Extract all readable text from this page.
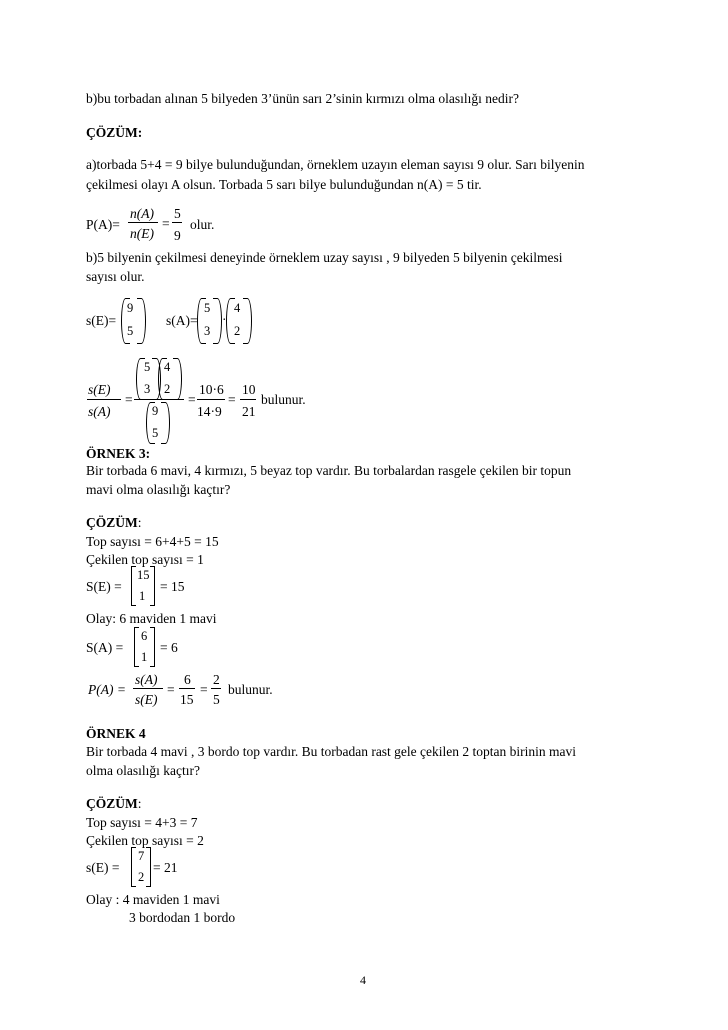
b)bu torbadan alınan 5 bilyeden 3’ünün sarı 2’sinin kırmızı olma olasılığı nedir?
ÇÖZÜM:
a)torbada 5+4 = 9 bilye bulunduğundan, örneklem uzayın eleman sayısı 9 olur. Sarı bilyenin
çekilmesi olayı A olsun. Torbada 5 sarı bilye bulunduğundan n(A) = 5 tir.
P(A)=
n(A)
n(E)
=
5
9
olur.
b)5 bilyenin çekilmesi deneyinde örneklem uzay sayısı , 9 bilyeden 5 bilyenin çekilmesi
sayısı olur.
s(E)=
9
5
s(A)=
5
3
·
4
2
s(E)
s(A)
=
5
3
4
2
9
5
=
10·6
14·9
=
10
21
bulunur.
ÖRNEK 3:
Bir torbada 6 mavi, 4 kırmızı, 5 beyaz top vardır. Bu torbalardan rasgele çekilen bir topun
mavi olma olasılığı kaçtır?
ÇÖZÜM:
Top sayısı = 6+4+5 = 15
Çekilen top sayısı = 1
S(E) =
15
1
= 15
Olay: 6 maviden 1 mavi
S(A) =
6
1
= 6
P(A) =
s(A)
s(E)
=
6
15
=
2
5
bulunur.
ÖRNEK 4
Bir torbada 4 mavi , 3 bordo top vardır. Bu torbadan rast gele çekilen 2 toptan birinin mavi
olma olasılığı kaçtır?
ÇÖZÜM:
Top sayısı = 4+3 = 7
Çekilen top sayısı = 2
s(E) =
7
2
= 21
Olay : 4 maviden 1 mavi
3 bordodan 1 bordo
4
